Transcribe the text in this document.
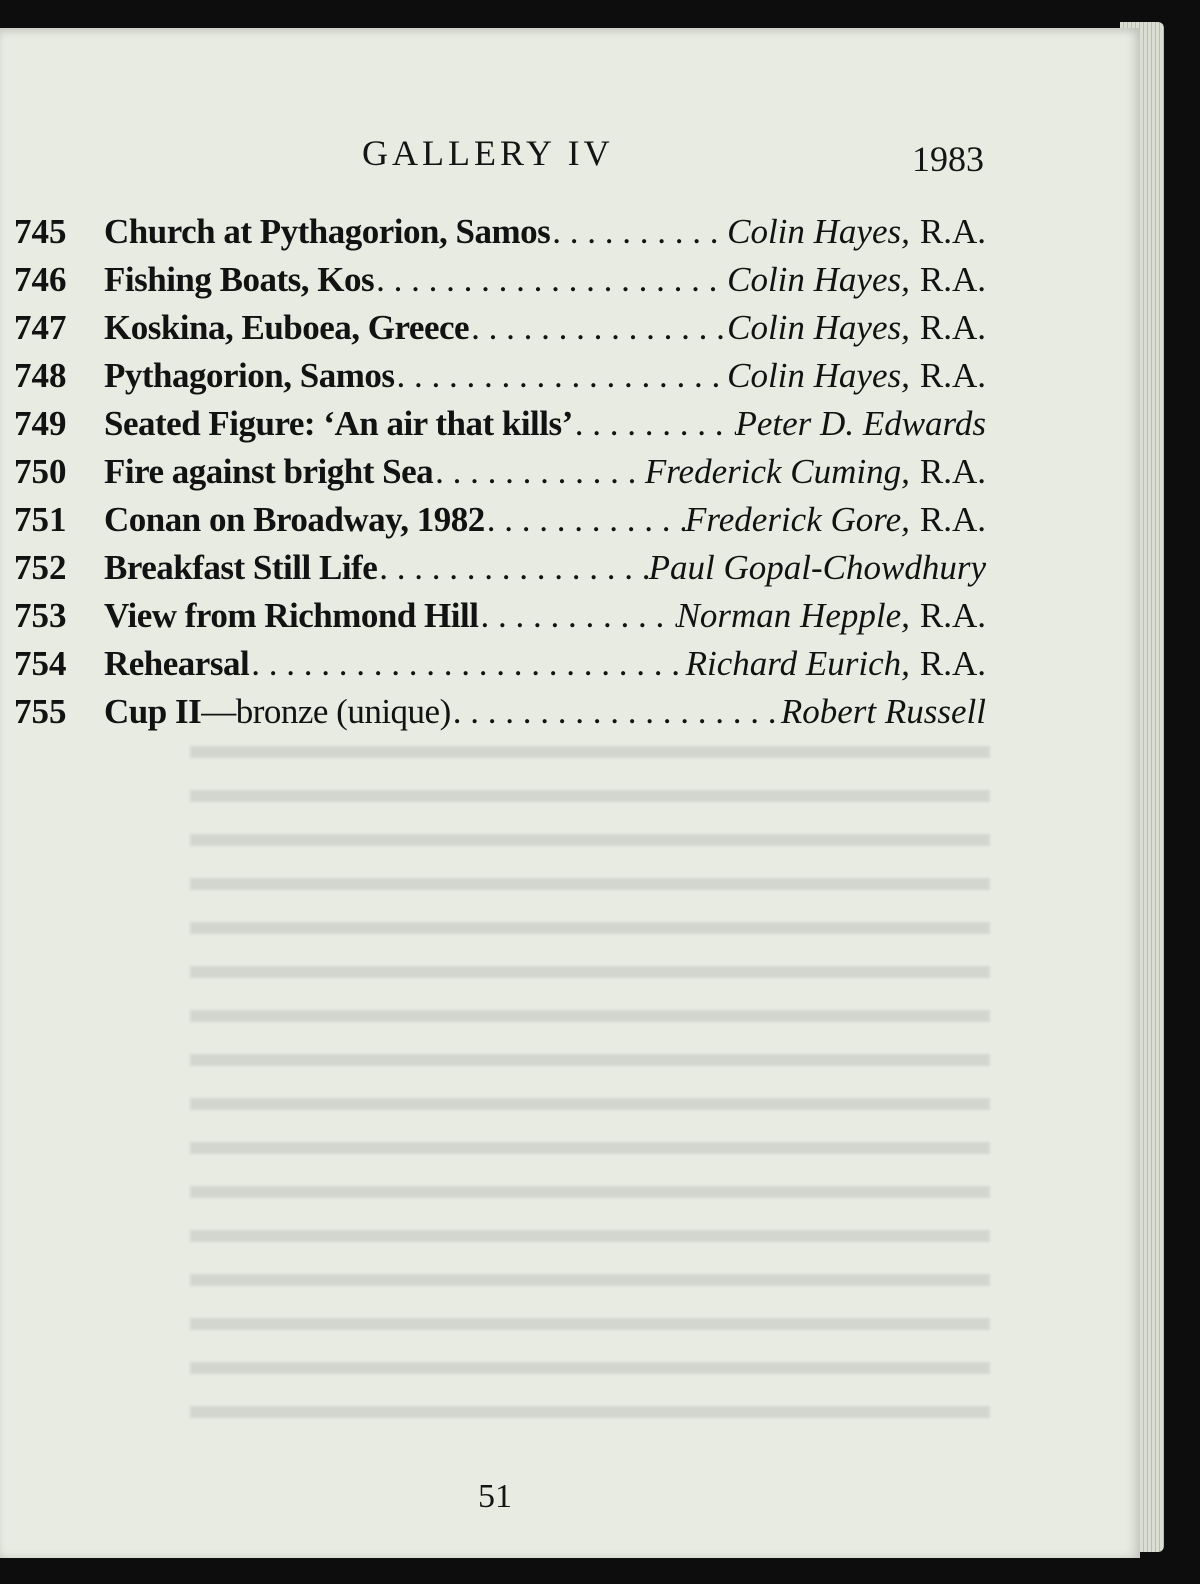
GALLERY IV	1983
745	Church at Pythagorion, Samos . . .	Colin Hayes, R.A.
746	Fishing Boats, Kos . . .	Colin Hayes, R.A.
747	Koskina, Euboea, Greece . . .	Colin Hayes, R.A.
748	Pythagorion, Samos . . .	Colin Hayes, R.A.
749	Seated Figure: ‘An air that kills’ . . .	Peter D. Edwards
750	Fire against bright Sea . . .	Frederick Cuming, R.A.
751	Conan on Broadway, 1982 . . .	Frederick Gore, R.A.
752	Breakfast Still Life . . .	Paul Gopal-Chowdhury
753	View from Richmond Hill . . .	Norman Hepple, R.A.
754	Rehearsal . . .	Richard Eurich, R.A.
755	Cup II—bronze (unique) . . .	Robert Russell
51
